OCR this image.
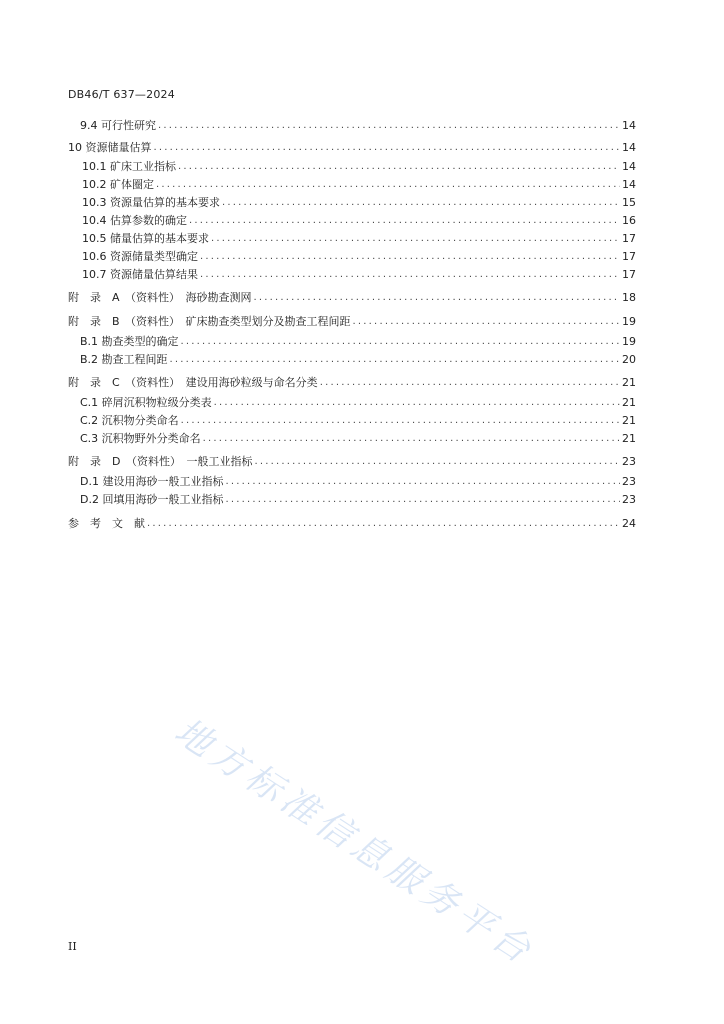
DB46/T 637—2024
9.4 可行性研究 .....	14
10 资源储量估算 .....	14
10.1 矿床工业指标 .....	14
10.2 矿体圈定 .....	14
10.3 资源量估算的基本要求 .....	15
10.4 估算参数的确定 .....	16
10.5 储量估算的基本要求 .....	17
10.6 资源储量类型确定 .....	17
10.7 资源储量估算结果 .....	17
附　录　A　（资料性）　海砂勘查测网 .....	18
附　录　B　（资料性）　矿床勘查类型划分及勘查工程间距 .....	19
B.1 勘查类型的确定 .....	19
B.2 勘查工程间距 .....	20
附　录　C　（资料性）　建设用海砂粒级与命名分类 .....	21
C.1 碎屑沉积物粒级分类表 .....	21
C.2 沉积物分类命名 .....	21
C.3 沉积物野外分类命名 .....	21
附　录　D　（资料性）　一般工业指标 .....	23
D.1 建设用海砂一般工业指标 .....	23
D.2 回填用海砂一般工业指标 .....	23
参　考　文　献 .....	24
地方标准信息服务平台
II
